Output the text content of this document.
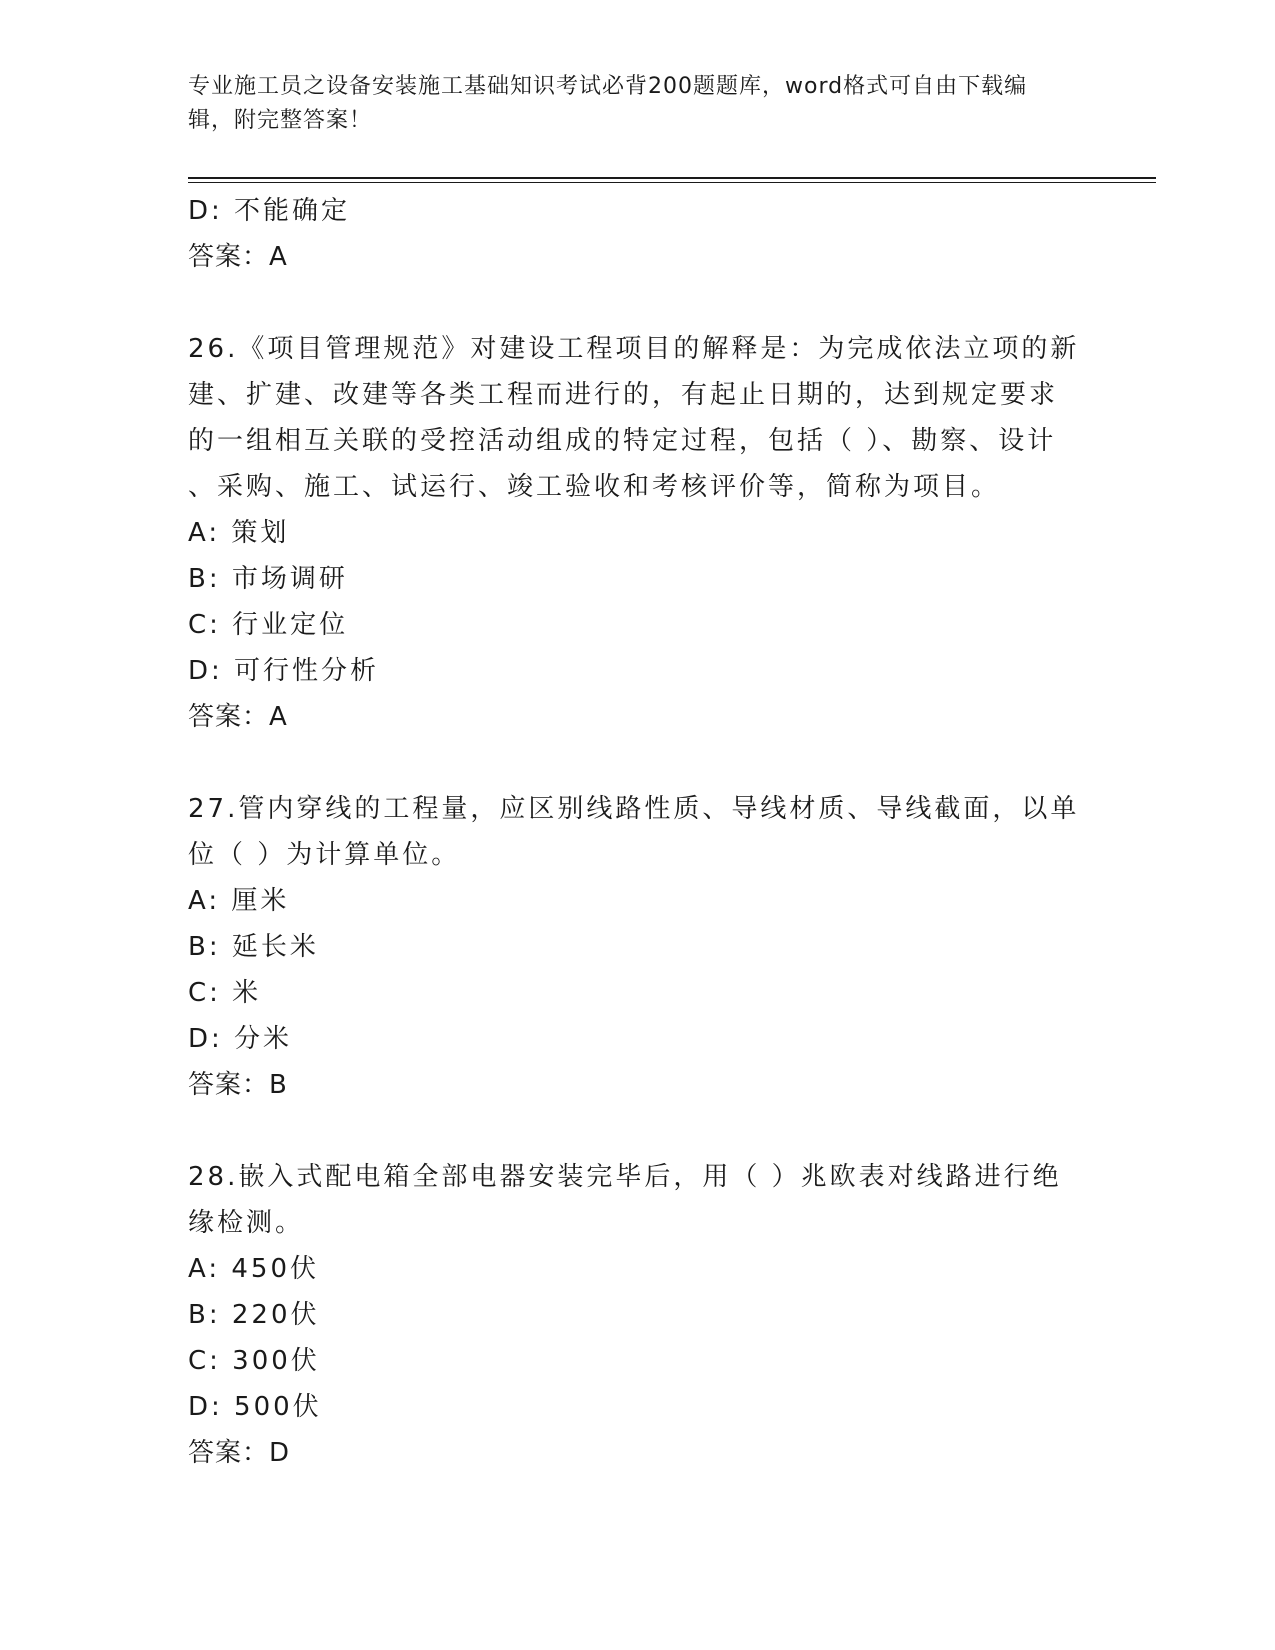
专业施工员之设备安装施工基础知识考试必背200题题库，word格式可自由下载编辑，附完整答案！
D: 不能确定
答案：A
26.《项目管理规范》对建设工程项目的解释是：为完成依法立项的新
建、扩建、改建等各类工程而进行的，有起止日期的，达到规定要求
的一组相互关联的受控活动组成的特定过程，包括（ ）、勘察、设计
、采购、施工、试运行、竣工验收和考核评价等，简称为项目。
A: 策划
B: 市场调研
C: 行业定位
D: 可行性分析
答案：A
27.管内穿线的工程量，应区别线路性质、导线材质、导线截面，以单
位（ ）为计算单位。
A: 厘米
B: 延长米
C: 米
D: 分米
答案：B
28.嵌入式配电箱全部电器安装完毕后，用（ ）兆欧表对线路进行绝
缘检测。
A: 450伏
B: 220伏
C: 300伏
D: 500伏
答案：D
